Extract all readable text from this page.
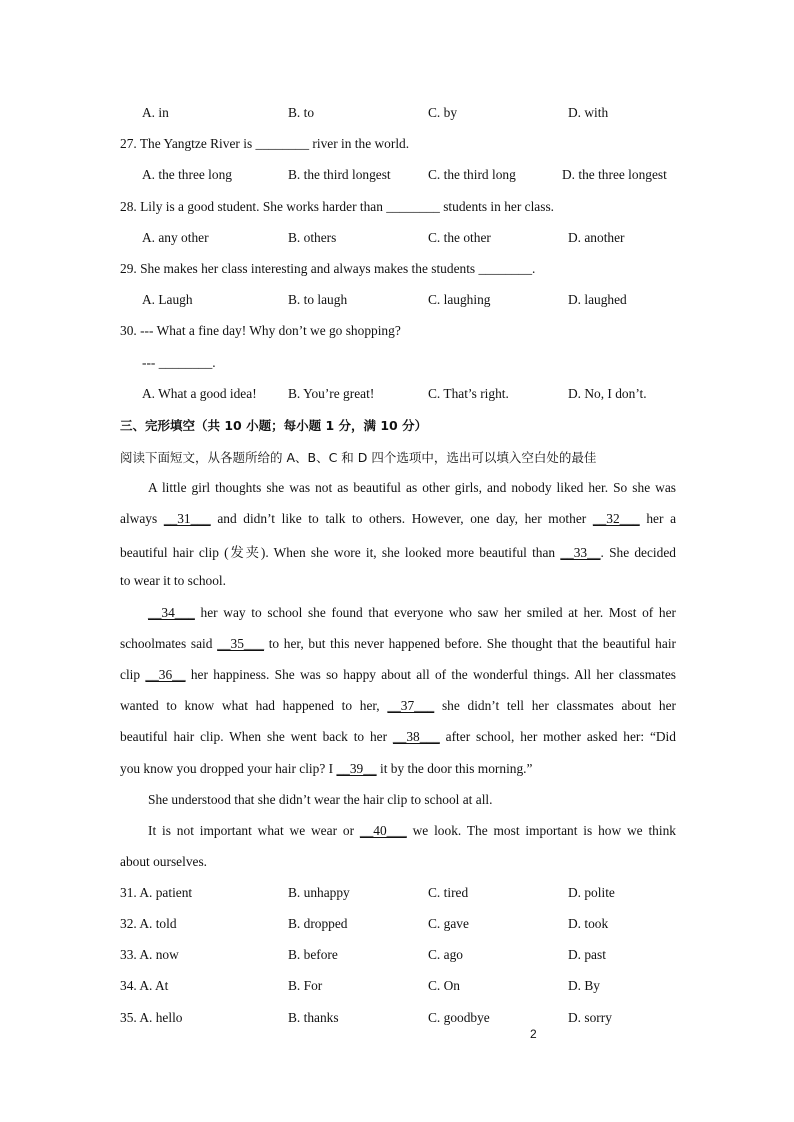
A. in	B. to	C. by	D. with
27. The Yangtze River is ________ river in the world.
A. the three long	B. the third longest	C. the third long	D. the three longest
28. Lily is a good student. She works harder than ________ students in her class.
A. any other	B. others	C. the other	D. another
29. She makes her class interesting and always makes the students ________.
A. Laugh	B. to laugh	C. laughing	D. laughed
30. --- What a fine day! Why don’t we go shopping?
--- ________.
A. What a good idea! B. You’re great!	C. That’s right.	D. No, I don’t.
三、完形填空（共 10 小题；每小题 1 分，满 10 分）
阅读下面短文，从各题所给的 A、B、C 和 D 四个选项中，选出可以填入空白处的最佳
A little girl thoughts she was not as beautiful as other girls, and nobody liked her. So she was
always __31___ and didn’t like to talk to others. However, one day, her mother __32___ her a
beautiful hair clip (发夹). When she wore it, she looked more beautiful than __33__. She decided
to wear it to school.
__34___ her way to school she found that everyone who saw her smiled at her. Most of her
schoolmates said __35___ to her, but this never happened before. She thought that the beautiful hair
clip __36__ her happiness. She was so happy about all of the wonderful things. All her classmates
wanted to know what had happened to her, __37___ she didn’t tell her classmates about her
beautiful hair clip. When she went back to her __38___ after school, her mother asked her: “Did
you know you dropped your hair clip? I __39__ it by the door this morning.”
She understood that she didn’t wear the hair clip to school at all.
It is not important what we wear or __40___ we look. The most important is how we think
about ourselves.
31. A. patient	B. unhappy	C. tired	D. polite
32. A. told	B. dropped	C. gave	D. took
33. A. now	B. before	C. ago	D. past
34. A. At	B. For	C. On	D. By
35. A. hello	B. thanks	C. goodbye	D. sorry
2
